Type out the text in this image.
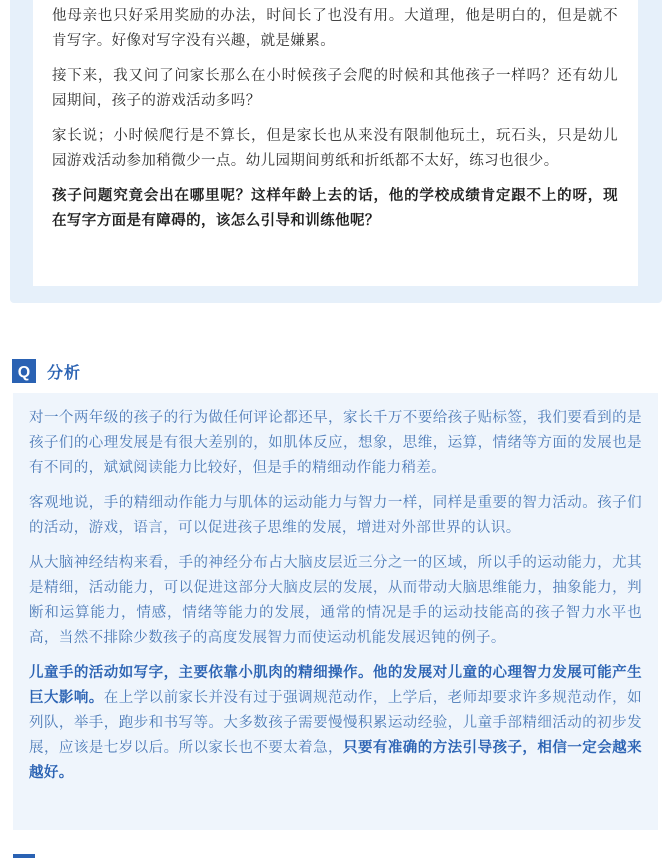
他母亲也只好采用奖励的办法，时间长了也没有用。大道理，他是明白的，但是就不肯写字。好像对写字没有兴趣，就是嫌累。

接下来，我又问了问家长那么在小时候孩子会爬的时候和其他孩子一样吗？还有幼儿园期间，孩子的游戏活动多吗？

家长说；小时候爬行是不算长，但是家长也从来没有限制他玩土，玩石头，只是幼儿园游戏活动参加稍微少一点。幼儿园期间剪纸和折纸都不太好，练习也很少。

孩子问题究竟会出在哪里呢？这样年龄上去的话，他的学校成绩肯定跟不上的呀，现在写字方面是有障碍的，该怎么引导和训练他呢？

Q 分析

对一个两年级的孩子的行为做任何评论都还早，家长千万不要给孩子贴标签，我们要看到的是孩子们的心理发展是有很大差别的，如肌体反应，想象，思维，运算，情绪等方面的发展也是有不同的，斌斌阅读能力比较好，但是手的精细动作能力稍差。

客观地说，手的精细动作能力与肌体的运动能力与智力一样，同样是重要的智力活动。孩子们的活动，游戏，语言，可以促进孩子思维的发展，增进对外部世界的认识。

从大脑神经结构来看，手的神经分布占大脑皮层近三分之一的区域，所以手的运动能力，尤其是精细，活动能力，可以促进这部分大脑皮层的发展，从而带动大脑思维能力，抽象能力，判断和运算能力，情感，情绪等能力的发展，通常的情况是手的运动技能高的孩子智力水平也高，当然不排除少数孩子的高度发展智力而使运动机能发展迟钝的例子。

儿童手的活动如写字，主要依靠小肌肉的精细操作。他的发展对儿童的心理智力发展可能产生巨大影响。在上学以前家长并没有过于强调规范动作，上学后，老师却要求许多规范动作，如列队，举手，跑步和书写等。大多数孩子需要慢慢积累运动经验，儿童手部精细活动的初步发展，应该是七岁以后。所以家长也不要太着急，只要有准确的方法引导孩子，相信一定会越来越好。
